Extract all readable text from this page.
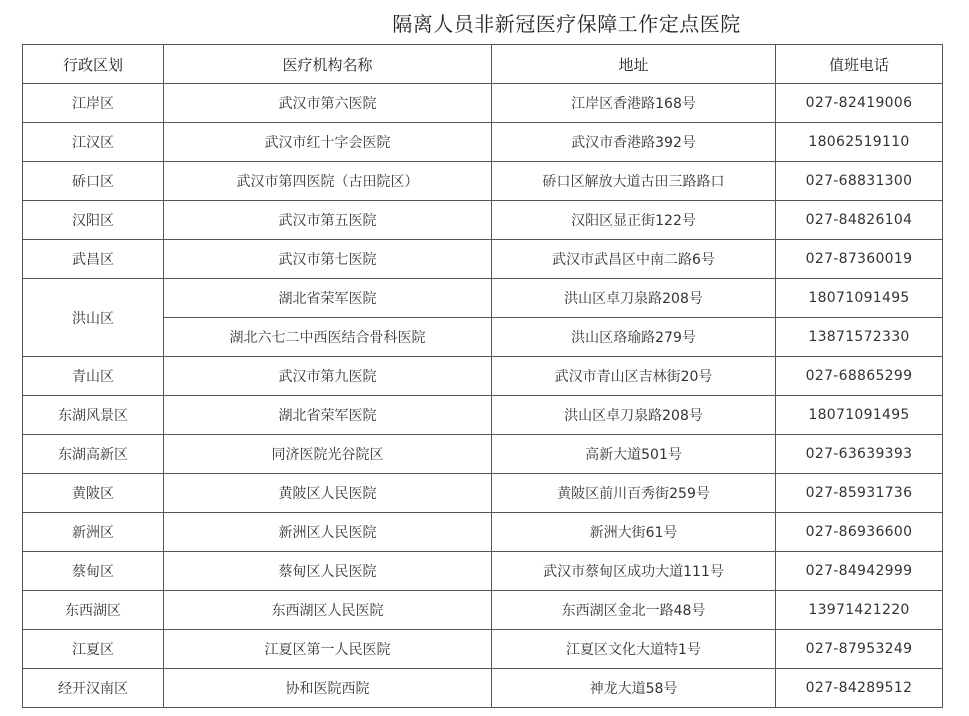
隔离人员非新冠医疗保障工作定点医院
行政区划	医疗机构名称	地址	值班电话
江岸区	武汉市第六医院	江岸区香港路168号	027-82419006
江汉区	武汉市红十字会医院	武汉市香港路392号	18062519110
硚口区	武汉市第四医院（古田院区）	硚口区解放大道古田三路路口	027-68831300
汉阳区	武汉市第五医院	汉阳区显正街122号	027-84826104
武昌区	武汉市第七医院	武汉市武昌区中南二路6号	027-87360019
洪山区	湖北省荣军医院	洪山区卓刀泉路208号	18071091495
	湖北六七二中西医结合骨科医院	洪山区珞瑜路279号	13871572330
青山区	武汉市第九医院	武汉市青山区吉林街20号	027-68865299
东湖风景区	湖北省荣军医院	洪山区卓刀泉路208号	18071091495
东湖高新区	同济医院光谷院区	高新大道501号	027-63639393
黄陂区	黄陂区人民医院	黄陂区前川百秀街259号	027-85931736
新洲区	新洲区人民医院	新洲大街61号	027-86936600
蔡甸区	蔡甸区人民医院	武汉市蔡甸区成功大道111号	027-84942999
东西湖区	东西湖区人民医院	东西湖区金北一路48号	13971421220
江夏区	江夏区第一人民医院	江夏区文化大道特1号	027-87953249
经开汉南区	协和医院西院	神龙大道58号	027-84289512
